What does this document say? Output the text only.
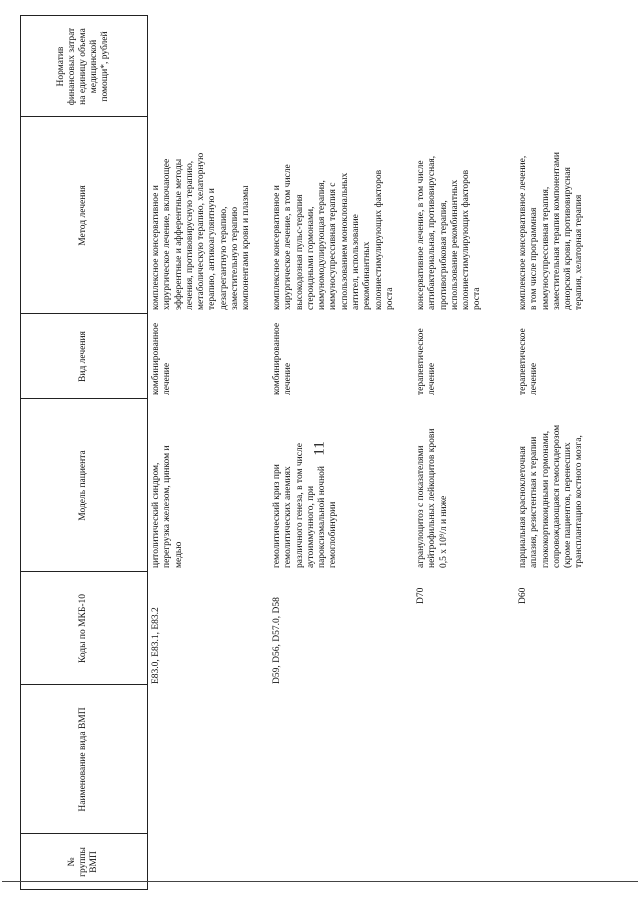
11
№
группы
ВМП
Наименование вида ВМП
Коды по МКБ-10
Модель пациента
Вид лечения
Метод лечения
Норматив
финансовых затрат
на единицу объема
медицинской
помощи*, рублей
E83.0, E83.1, E83.2
цитолитический синдром,
перегрузка железом, цинком и
медью
комбинированное
лечение
комплексное консервативное и
хирургическое лечение, включающее
эфферентные и афферентные методы
лечения, противовирусную терапию,
метаболическую терапию, хелаторную
терапию, антикоагулянтную и
дезагрегантную терапию,
заместительную терапию
компонентами крови и плазмы
D59, D56, D57.0, D58
гемолитический криз при
гемолитических анемиях
различного генеза, в том числе
аутоиммунного, при
пароксизмальной ночной
гемоглобинурии
комбинированное
лечение
комплексное консервативное и
хирургическое лечение, в том числе
высокодозная пульс-терапия
стероидными гормонами,
иммуномодулирующая терапия,
иммуносупрессивная терапия с
использованием моноклональных
антител, использование
рекомбинантных
колониестимулирующих факторов
роста
D70
агранулоцитоз с показателями
нейтрофильных лейкоцитов крови
0,5 x 10⁹/л и ниже
терапевтическое
лечение
консервативное лечение, в том числе
антибактериальная, противовирусная,
противогрибковая терапия,
использование рекомбинантных
колониестимулирующих факторов
роста
D60
парциальная красноклеточная
аплазия, резистентная к терапии
глюкокортикоидными гормонами,
сопровождающаяся гемосидерозом
(кроме пациентов, перенесших
трансплантацию костного мозга,
терапевтическое
лечение
комплексное консервативное лечение,
в том числе программная
иммуносупрессивная терапия,
заместительная терапия компонентами
донорской крови, противовирусная
терапия, хелаторная терапия
